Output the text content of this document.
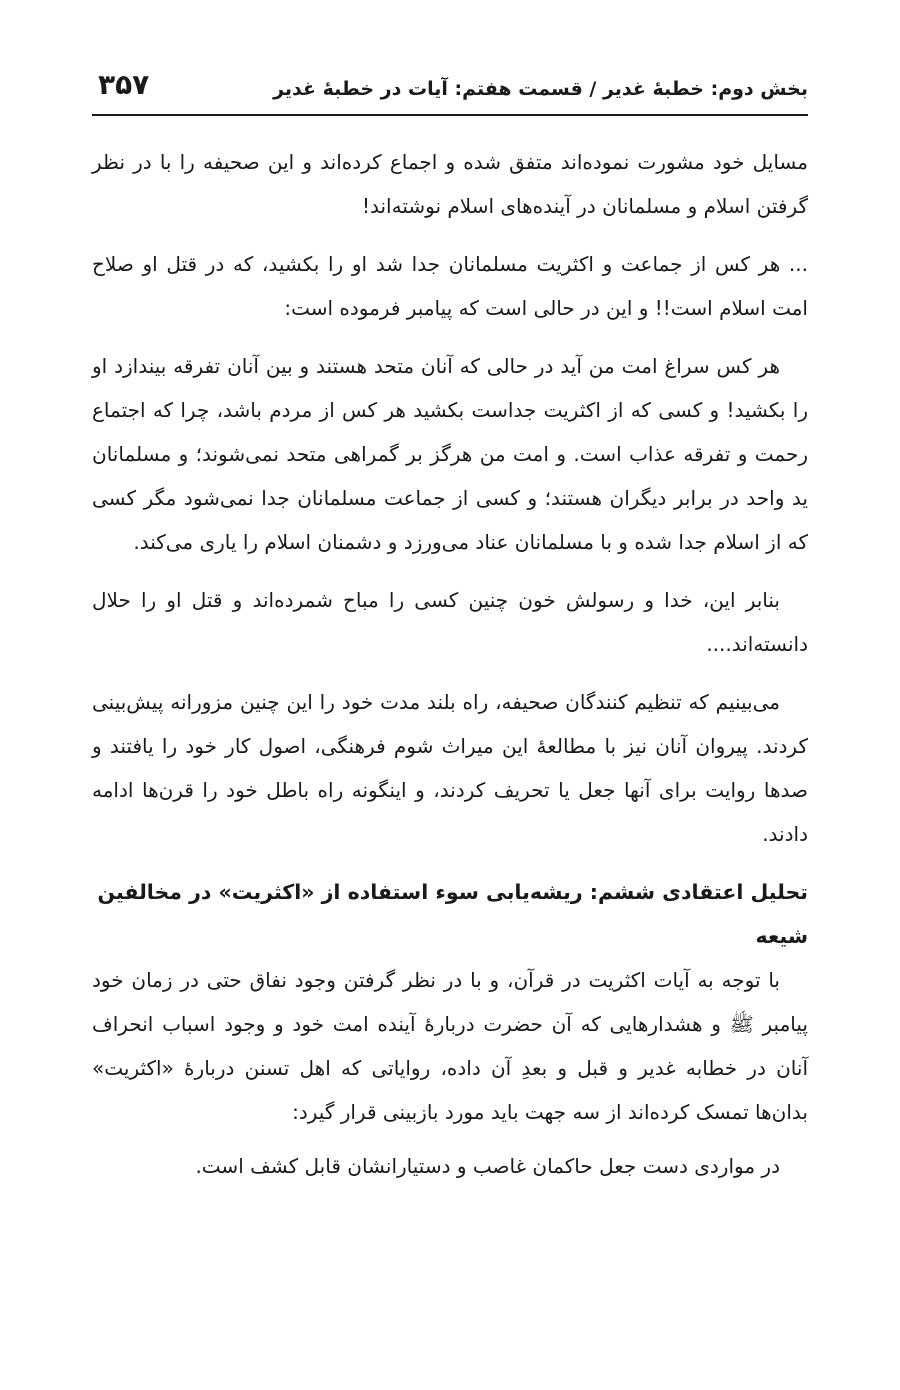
بخش دوم: خطبهٔ غدیر / قسمت هفتم: آیات در خطبهٔ غدیر
۳۵۷

مسایل خود مشورت نموده‌اند متفق شده و اجماع کرده‌اند و این صحیفه را با در نظر گرفتن اسلام و مسلمانان در آینده‌های اسلام نوشته‌اند!

... هر کس از جماعت و اکثریت مسلمانان جدا شد او را بکشید، که در قتل او صلاح امت اسلام است!! و این در حالی است که پیامبر فرموده است:

هر کس سراغ امت من آید در حالی که آنان متحد هستند و بین آنان تفرقه بیندازد او را بکشید! و کسی که از اکثریت جداست بکشید هر کس از مردم باشد، چرا که اجتماع رحمت و تفرقه عذاب است. و امت من هرگز بر گمراهی متحد نمی‌شوند؛ و مسلمانان ید واحد در برابر دیگران هستند؛ و کسی از جماعت مسلمانان جدا نمی‌شود مگر کسی که از اسلام جدا شده و با مسلمانان عناد می‌ورزد و دشمنان اسلام را یاری می‌کند.

بنابر این، خدا و رسولش خون چنین کسی را مباح شمرده‌اند و قتل او را حلال دانسته‌اند....

می‌بینیم که تنظیم کنندگان صحیفه، راه بلند مدت خود را این چنین مزورانه پیش‌بینی کردند. پیروان آنان نیز با مطالعهٔ این میراث شوم فرهنگی، اصول کار خود را یافتند و صدها روایت برای آنها جعل یا تحریف کردند، و اینگونه راه باطل خود را قرن‌ها ادامه دادند.

تحلیل اعتقادی ششم: ریشه‌یابی سوء استفاده از «اکثریت» در مخالفین شیعه

با توجه به آیات اکثریت در قرآن، و با در نظر گرفتن وجود نفاق حتی در زمان خود پیامبر ﷺ و هشدارهایی که آن حضرت دربارهٔ آینده امت خود و وجود اسباب انحراف آنان در خطابه غدیر و قبل و بعدِ آن داده، روایاتی که اهل تسنن دربارهٔ «اکثریت» بدان‌ها تمسک کرده‌اند از سه جهت باید مورد بازبینی قرار گیرد:

در مواردی دست جعل حاکمان غاصب و دستیارانشان قابل کشف است.
